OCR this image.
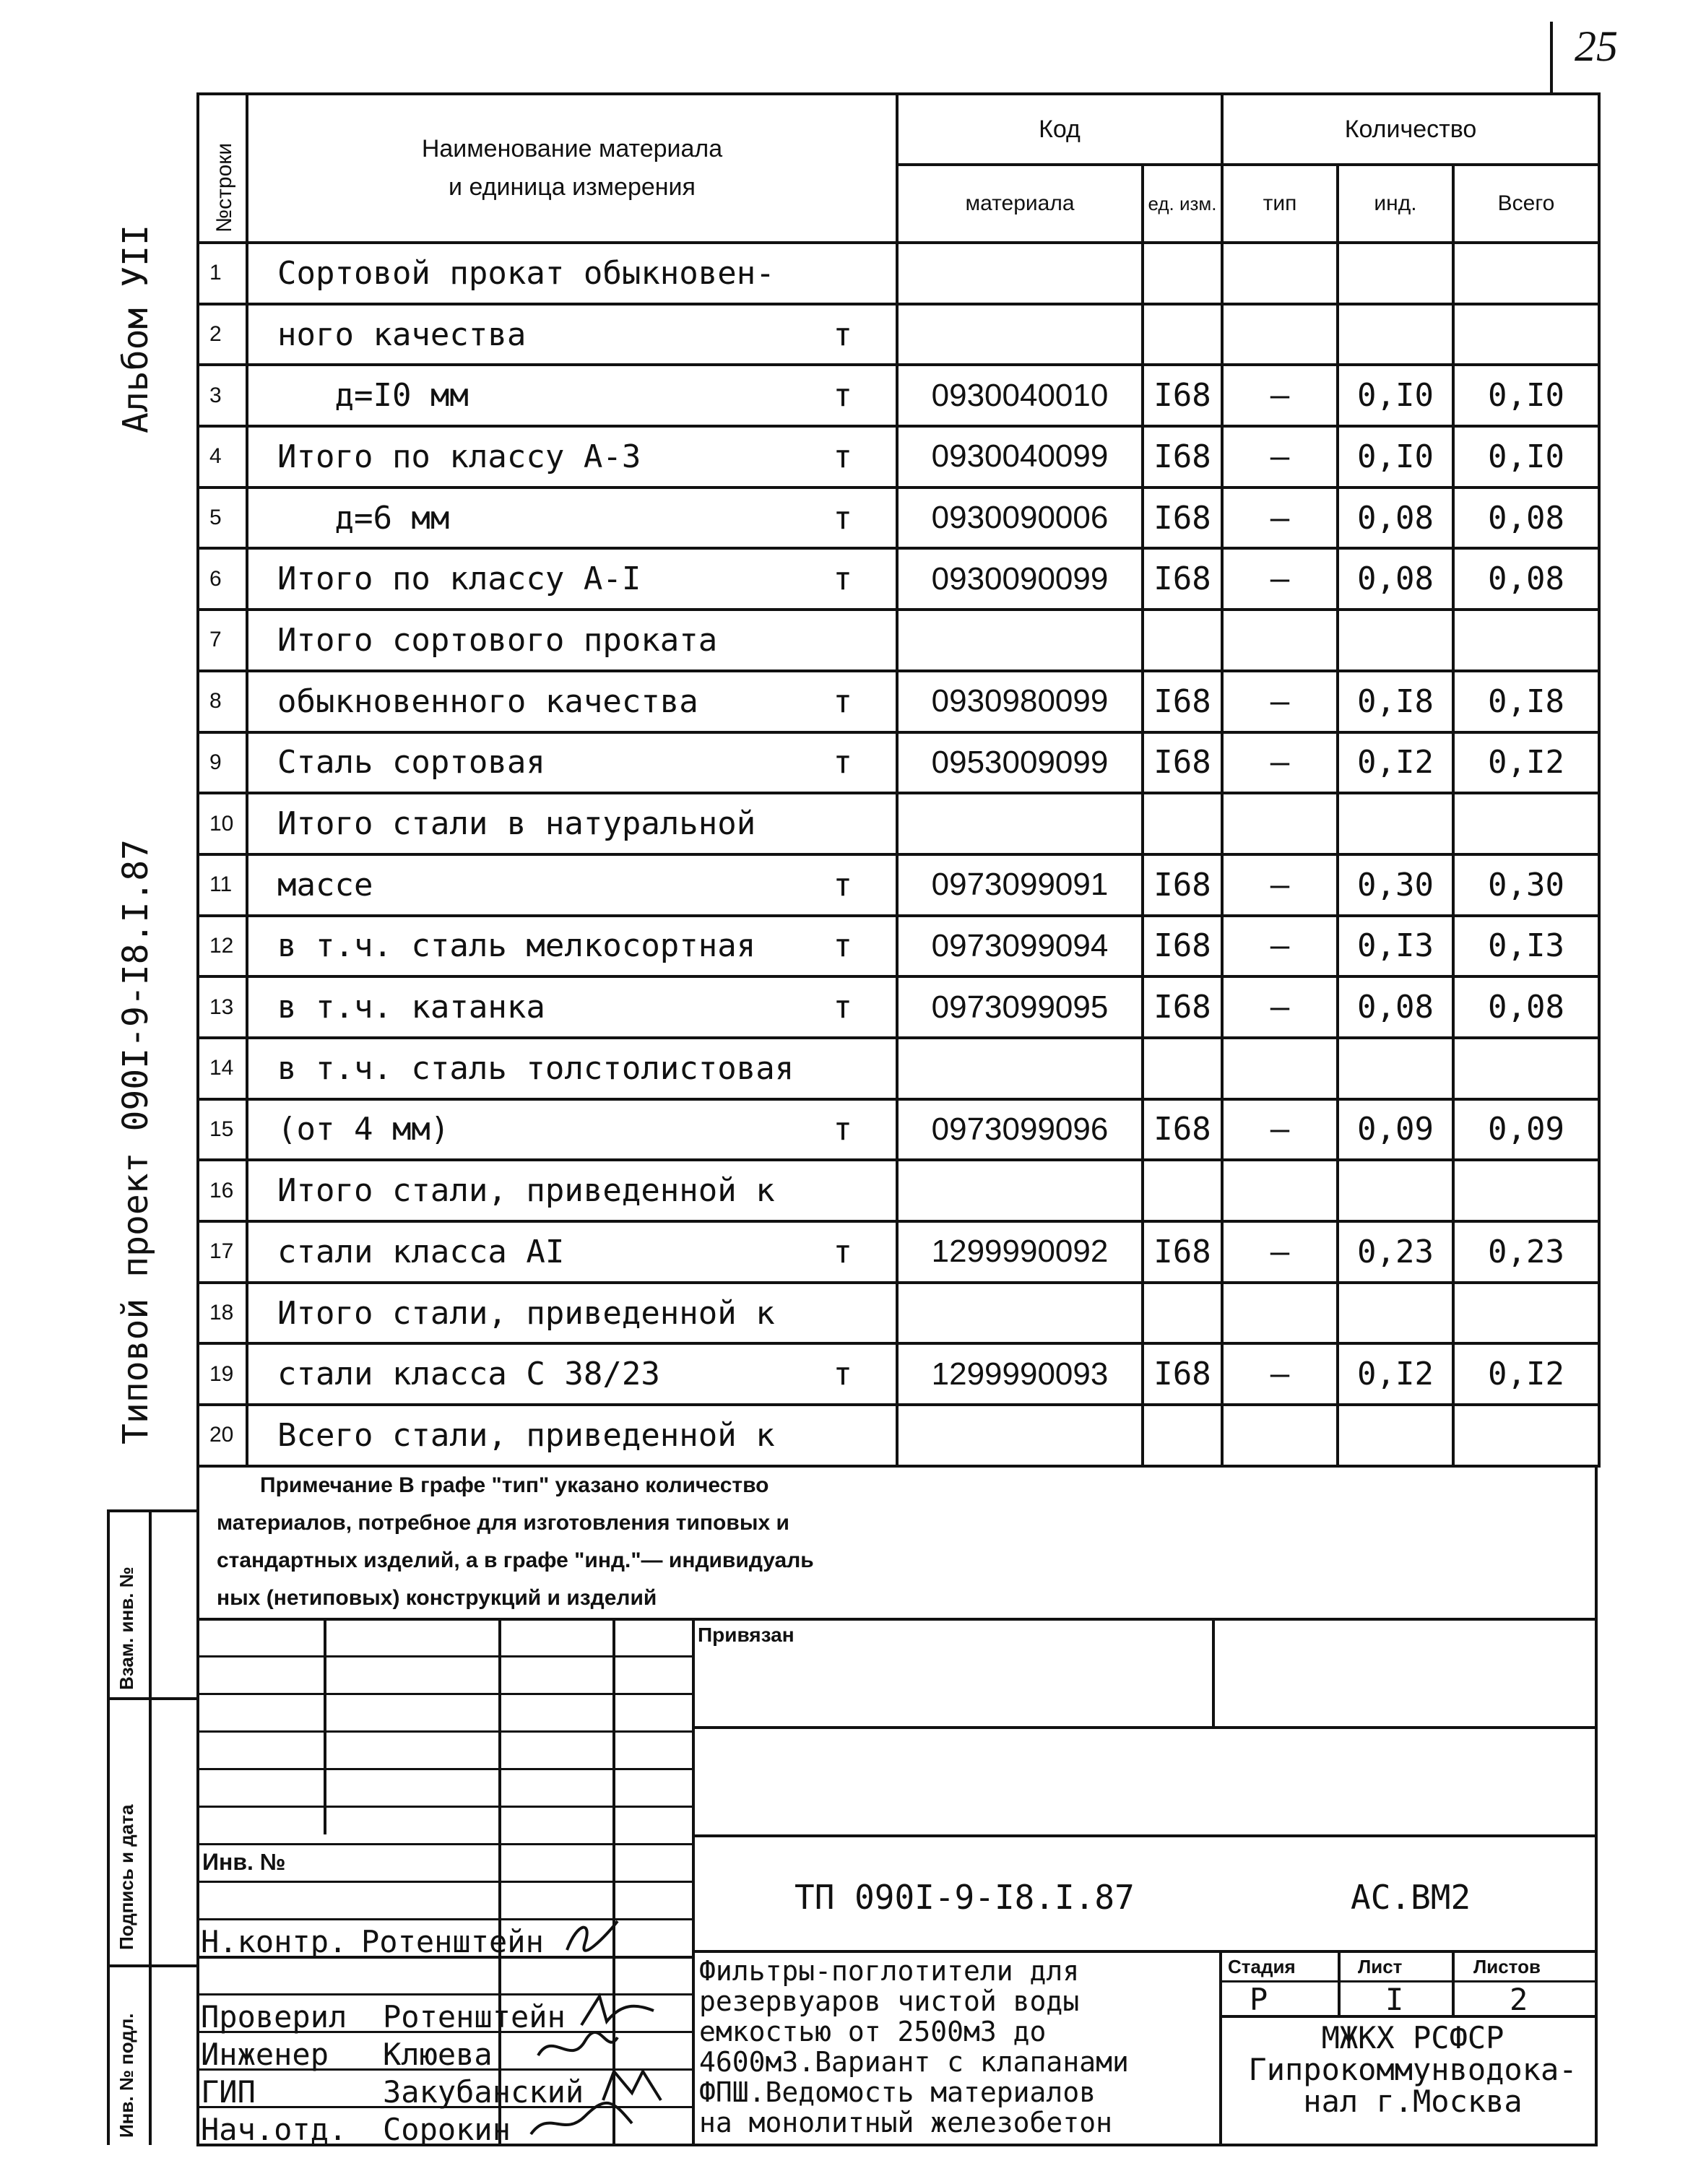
25
Альбом УII
Типовой проект 090I-9-I8.I.87
№строки	Наименование материала
и единица измерения	Код		Количество		
		материала	ед. изм.	тип	инд.	Всего
1	Сортовой прокат обыкновен-

2	ного качества т					

3	д=I0 мм т	0930040010	I68	–	0,I0	0,I0
4	Итого по классу А-3 т	0930040099	I68	–	0,I0	0,I0
5	д=6 мм т	0930090006	I68	–	0,08	0,08
6	Итого по классу А-I т	0930090099	I68	–	0,08	0,08
7	Итого сортового проката

8	обыкновенного качества т	0930980099	I68	–	0,I8	0,I8
9	Сталь сортовая т	0953009099	I68	–	0,I2	0,I2
10	Итого стали в натуральной

11	массе т	0973099091	I68	–	0,30	0,30
12	в т.ч. сталь мелкосортная т	0973099094	I68	–	0,I3	0,I3
13	в т.ч. катанка т	0973099095	I68	–	0,08	0,08
14	в т.ч. сталь толстолистовая

15	(от 4 мм) т	0973099096	I68	–	0,09	0,09
16	Итого стали, приведенной к

17	стали класса AI т	1299990092	I68	–	0,23	0,23
18	Итого стали, приведенной к

19	стали класса С 38/23 т	1299990093	I68	–	0,I2	0,I2
20	Всего стали, приведенной к

Примечание В графе "тип" указано количество
материалов, потребное для изготовления типовых и
стандартных изделий, а в графе "инд."— индивидуаль
ных (нетиповых) конструкций и изделий
Взам. инв. №
Подпись и дата
Инв. № подл.
Привязан
Инв. №
ТП 090I-9-I8.I.87	АС.ВМ2
Н.контр. Ротенштейн
Проверил Ротенштейн
Инженер Клюева
ГИП	Закубанский
Нач.отд. Сорокин
Фильтры-поглотители для
резервуаров чистой воды
емкостью от 2500м3 до
4600м3.Вариант с клапанами
ФПШ.Ведомость материалов
на монолитный железобетон
Стадия	Лист	Листов
Р	I	2
МЖКХ РСФСР
Гипрокоммунводока-
нал г.Москва
